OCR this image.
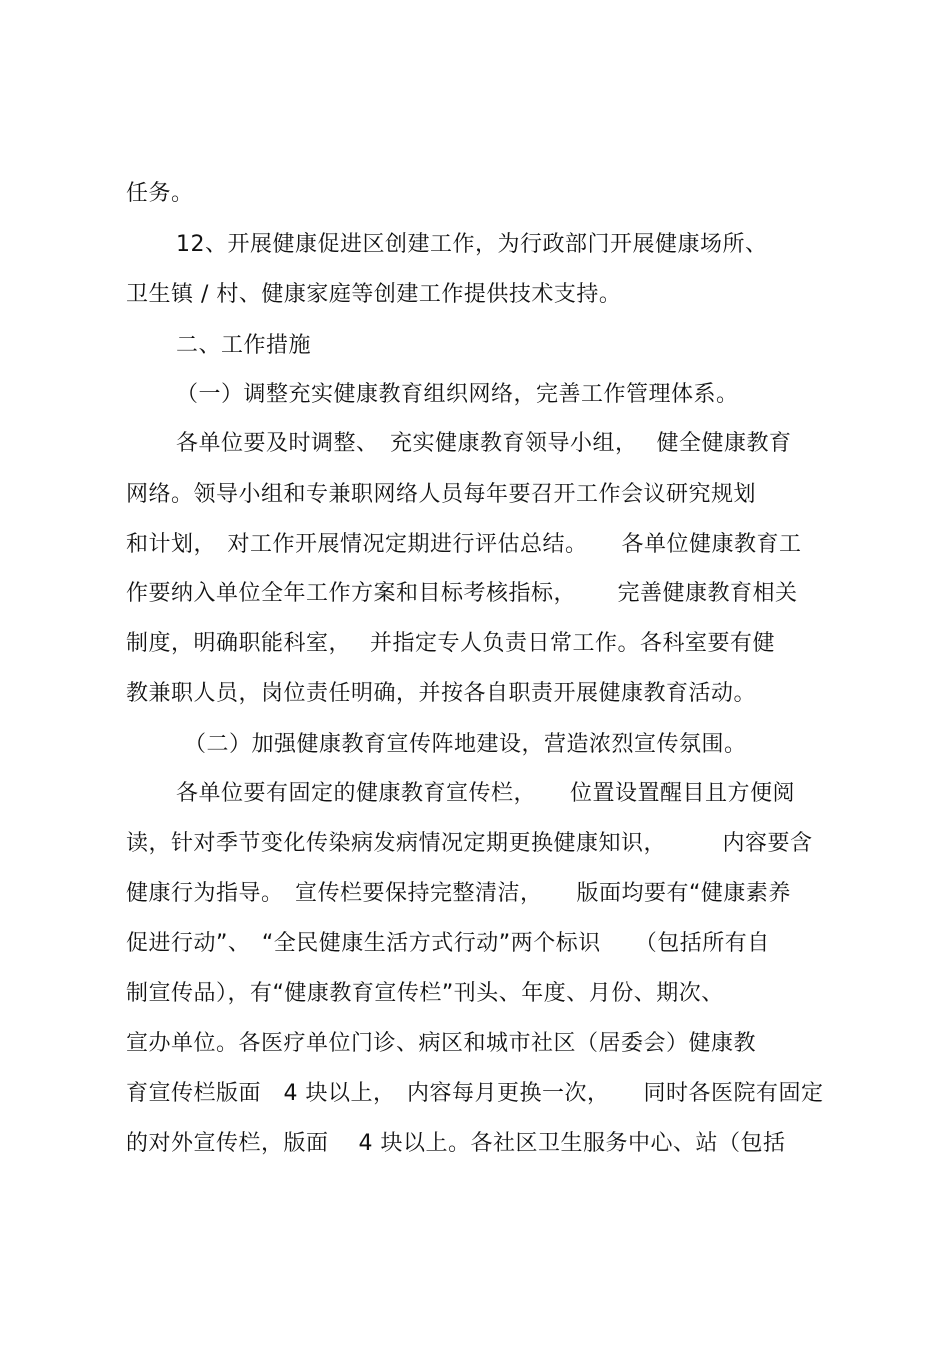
任务。
12、开展健康促进区创建工作，为行政部门开展健康场所、
卫生镇 / 村、健康家庭等创建工作提供技术支持。
二、工作措施
（一）调整充实健康教育组织网络，完善工作管理体系。
各单位要及时调整、　充实健康教育领导小组，　 健全健康教育
网络。领导小组和专兼职网络人员每年要召开工作会议研究规划
和计划，　对工作开展情况定期进行评估总结。　　各单位健康教育工
作要纳入单位全年工作方案和目标考核指标，　　 完善健康教育相关
制度，明确职能科室，　 并指定专人负责日常工作。各科室要有健
教兼职人员，岗位责任明确，并按各自职责开展健康教育活动。
（二）加强健康教育宣传阵地建设，营造浓烈宣传氛围。
各单位要有固定的健康教育宣传栏，　　位置设置醒目且方便阅
读，针对季节变化传染病发病情况定期更换健康知识，　　　内容要含
健康行为指导。　宣传栏要保持完整清洁，　　版面均要有“健康素养
促进行动”、　“全民健康生活方式行动”两个标识　　（包括所有自
制宣传品），有“健康教育宣传栏”刊头、年度、月份、期次、
宣办单位。各医疗单位门诊、病区和城市社区（居委会）健康教
育宣传栏版面　4 块以上，　内容每月更换一次，　　同时各医院有固定
的对外宣传栏，版面　 4 块以上。各社区卫生服务中心、站（包括
